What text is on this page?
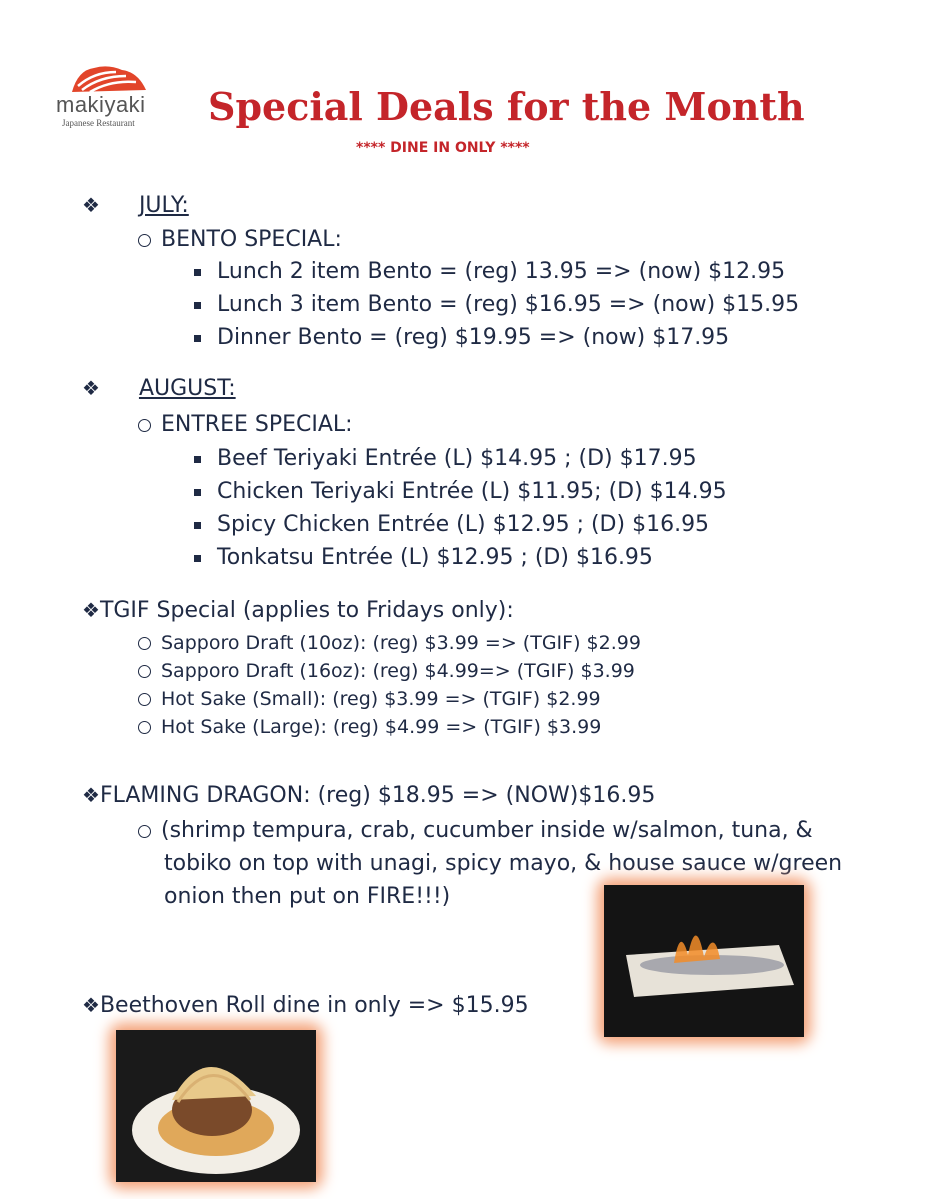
makiyaki
Japanese Restaurant Special Deals for the Month
**** DINE IN ONLY ****
❖ JULY:
BENTO SPECIAL:
Lunch 2 item Bento = (reg) 13.95 => (now) $12.95
Lunch 3 item Bento = (reg) $16.95 => (now) $15.95
Dinner Bento = (reg) $19.95 => (now) $17.95
❖ AUGUST:
ENTREE SPECIAL:
Beef Teriyaki Entrée (L) $14.95 ; (D) $17.95
Chicken Teriyaki Entrée (L) $11.95; (D) $14.95
Spicy Chicken Entrée (L) $12.95 ; (D) $16.95
Tonkatsu Entrée (L) $12.95 ; (D) $16.95
❖TGIF Special (applies to Fridays only):
Sapporo Draft (10oz): (reg) $3.99 => (TGIF) $2.99
Sapporo Draft (16oz): (reg) $4.99=> (TGIF) $3.99
Hot Sake (Small): (reg) $3.99 => (TGIF) $2.99
Hot Sake (Large): (reg) $4.99 => (TGIF) $3.99
❖FLAMING DRAGON: (reg) $18.95 => (NOW)$16.95
(shrimp tempura, crab, cucumber inside w/salmon, tuna, &
tobiko on top with unagi, spicy mayo, & house sauce w/green
onion then put on FIRE!!!)
❖Beethoven Roll dine in only => $15.95
